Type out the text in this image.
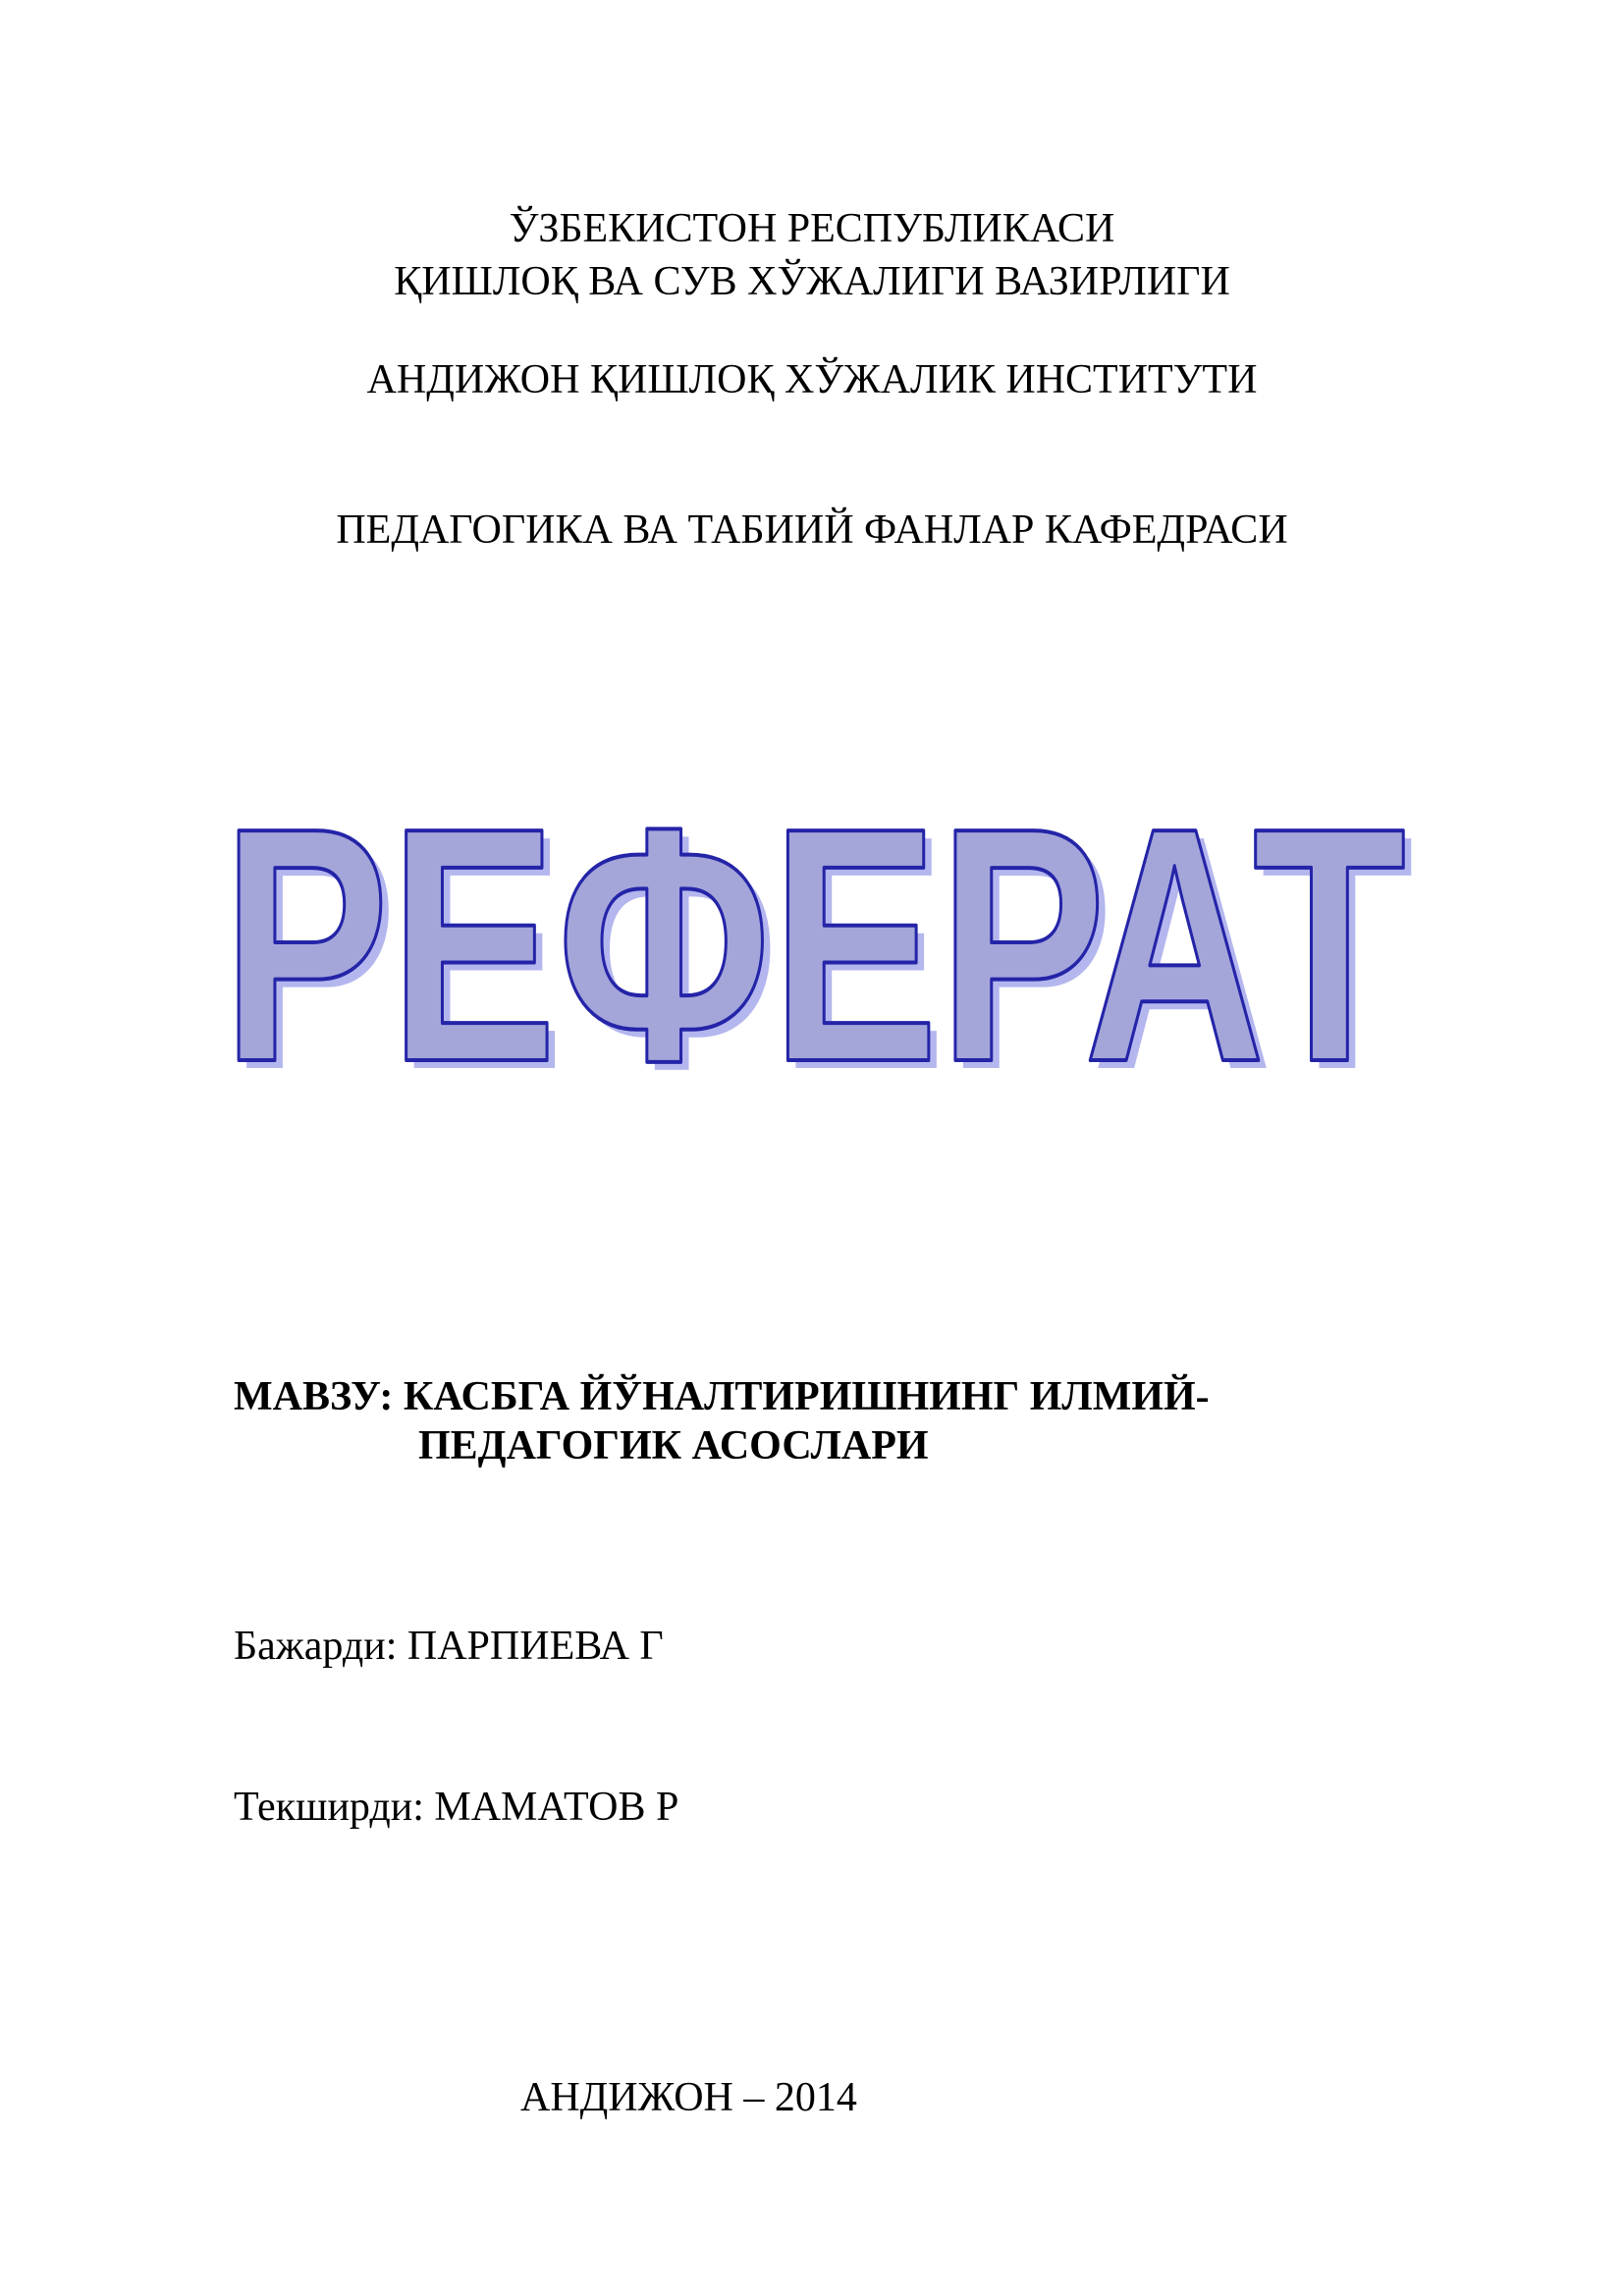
ЎЗБЕКИСТОН РЕСПУБЛИКАСИ
ҚИШЛОҚ ВА СУВ ХЎЖАЛИГИ ВАЗИРЛИГИ
АНДИЖОН ҚИШЛОҚ ХЎЖАЛИК ИНСТИТУТИ
ПЕДАГОГИКА ВА ТАБИИЙ ФАНЛАР КАФЕДРАСИ
РЕФЕРАТ
РЕФЕРАТ
МАВЗУ: КАСБГА ЙЎНАЛТИРИШНИНГ ИЛМИЙ-
ПЕДАГОГИК АСОСЛАРИ
Бажарди: ПАРПИЕВА Г
Текширди: МАМАТОВ Р
АНДИЖОН – 2014
